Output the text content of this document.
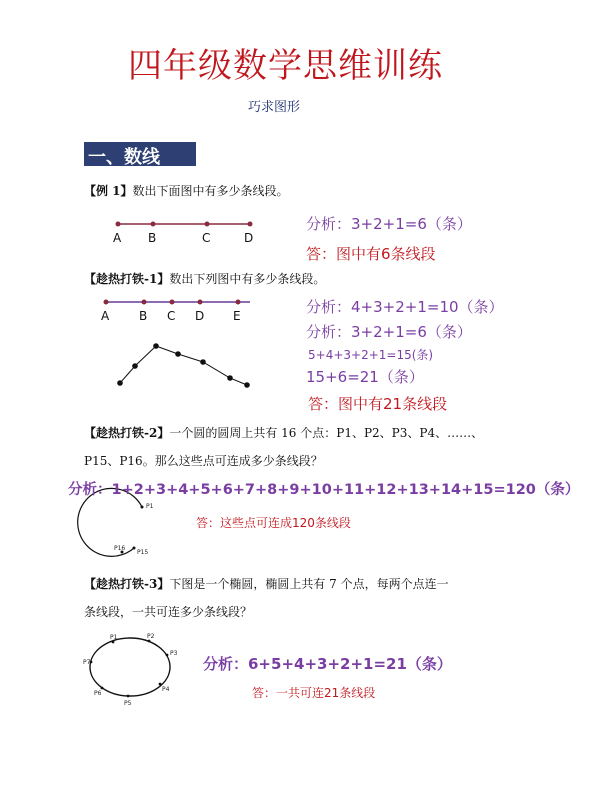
四年级数学思维训练
巧求图形
一、数线
【例 1】数出下面图中有多少条线段。
P1
P16
P15
P1	P2
P3
P4
P5
P6
P7
A B	C	D
分析：3+2+1=6（条）
答：图中有6条线段
【趁热打铁-1】数出下列图中有多少条线段。
A B C D E	分析：4+3+2+1=10（条）
分析：3+2+1=6（条）
5+4+3+2+1=15(条)
15+6=21（条）
答：图中有21条线段
【趁热打铁-2】一个圆的圆周上共有 16 个点：P1、P2、P3、P4、……、
P15、P16。那么这些点可连成多少条线段？
分析：1+2+3+4+5+6+7+8+9+10+11+12+13+14+15=120（条）
答：这些点可连成120条线段
【趁热打铁-3】下图是一个椭圆，椭圆上共有 7 个点，每两个点连一
条线段，一共可连多少条线段？
分析：6+5+4+3+2+1=21（条）
答：一共可连21条线段
